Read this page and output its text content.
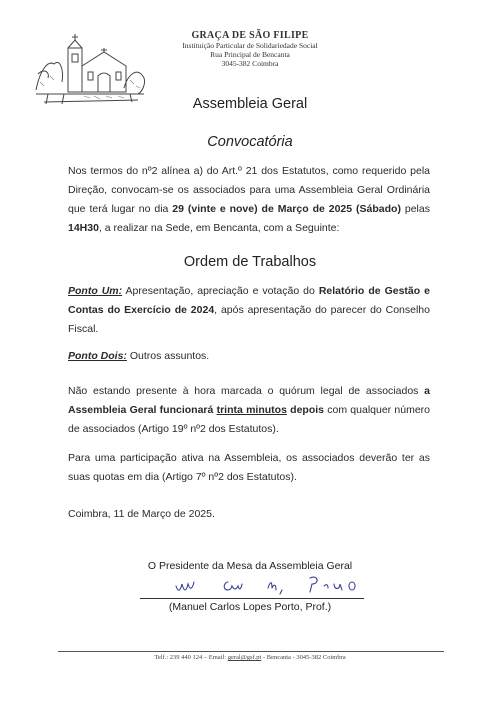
GRAÇA DE SÃO FILIPE
Instituição Particular de Solidariedade Social
Rua Principal de Bencanta
3045-382 Coimbra
Assembleia Geral
Convocatória
Nos termos do nº2 alínea a) do Art.º 21 dos Estatutos, como requerido pela Direção, convocam-se os associados para uma Assembleia Geral Ordinária que terá lugar no dia 29 (vinte e nove) de Março de 2025 (Sábado) pelas 14H30, a realizar na Sede, em Bencanta, com a Seguinte:
Ordem de Trabalhos
Ponto Um: Apresentação, apreciação e votação do Relatório de Gestão e Contas do Exercício de 2024, após apresentação do parecer do Conselho Fiscal.
Ponto Dois: Outros assuntos.
Não estando presente à hora marcada o quórum legal de associados a Assembleia Geral funcionará trinta minutos depois com qualquer número de associados (Artigo 19º nº2 dos Estatutos).
Para uma participação ativa na Assembleia, os associados deverão ter as suas quotas em dia (Artigo 7º nº2 dos Estatutos).
Coimbra, 11 de Março de 2025.
O Presidente da Mesa da Assembleia Geral
(Manuel Carlos Lopes Porto, Prof.)
Telf.: 239 440 124 – Email: geral@gsf.pt - Bencanta - 3045-382 Coimbra
